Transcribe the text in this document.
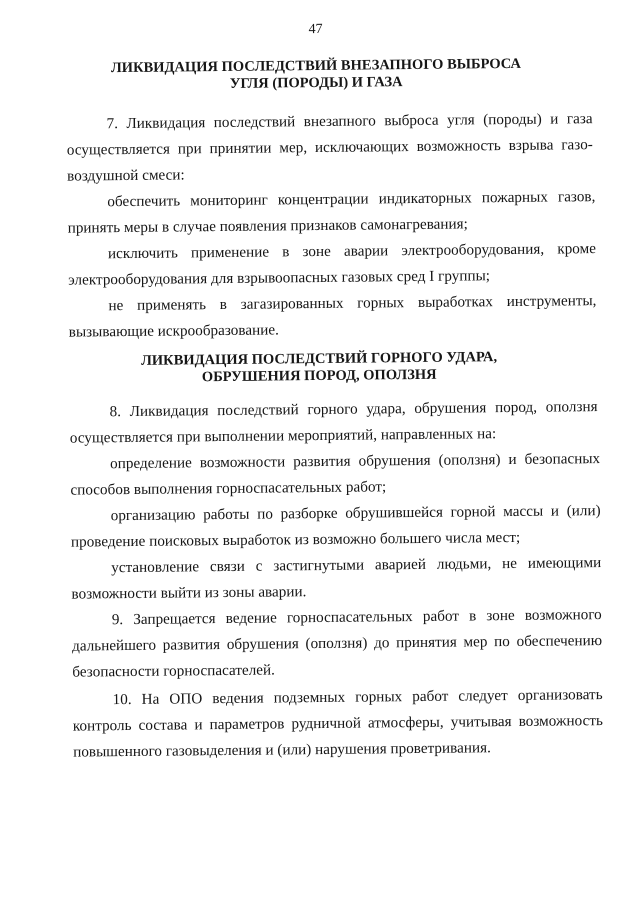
47
ЛИКВИДАЦИЯ ПОСЛЕДСТВИЙ ВНЕЗАПНОГО ВЫБРОСА
УГЛЯ (ПОРОДЫ) И ГАЗА
7. Ликвидация последствий внезапного выброса угля (породы) и газа
осуществляется при принятии мер, исключающих возможность взрыва газо-
воздушной смеси:
обеспечить мониторинг концентрации индикаторных пожарных газов,
принять меры в случае появления признаков самонагревания;
исключить применение в зоне аварии электрооборудования, кроме
электрооборудования для взрывоопасных газовых сред I группы;
не применять в загазированных горных выработках инструменты,
вызывающие искрообразование.
ЛИКВИДАЦИЯ ПОСЛЕДСТВИЙ ГОРНОГО УДАРА,
ОБРУШЕНИЯ ПОРОД, ОПОЛЗНЯ
8. Ликвидация последствий горного удара, обрушения пород, оползня
осуществляется при выполнении мероприятий, направленных на:
определение возможности развития обрушения (оползня) и безопасных
способов выполнения горноспасательных работ;
организацию работы по разборке обрушившейся горной массы и (или)
проведение поисковых выработок из возможно большего числа мест;
установление связи с застигнутыми аварией людьми, не имеющими
возможности выйти из зоны аварии.
9. Запрещается ведение горноспасательных работ в зоне возможного
дальнейшего развития обрушения (оползня) до принятия мер по обеспечению
безопасности горноспасателей.
10. На ОПО ведения подземных горных работ следует организовать
контроль состава и параметров рудничной атмосферы, учитывая возможность
повышенного газовыделения и (или) нарушения проветривания.
